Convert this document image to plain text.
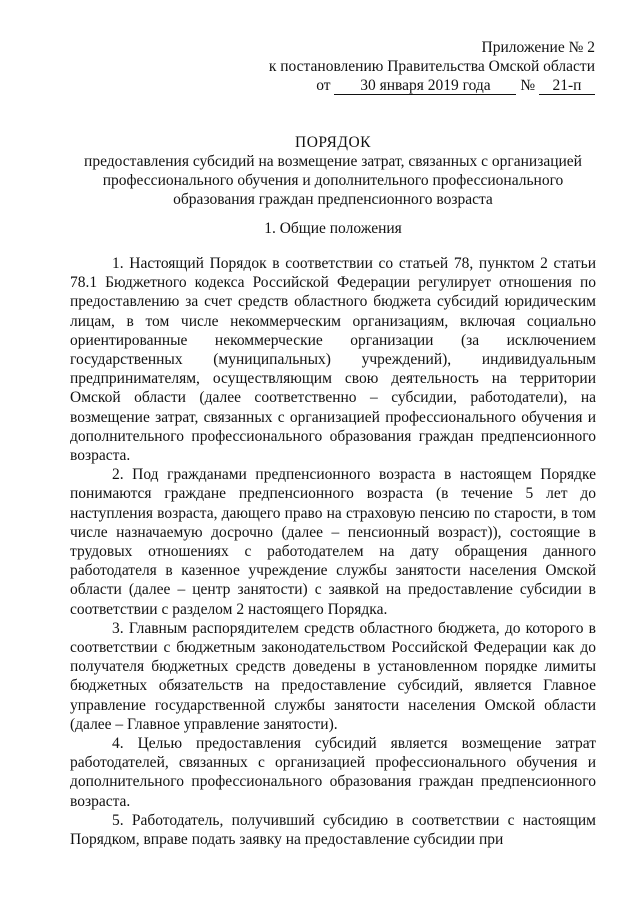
Приложение № 2
к постановлению Правительства Омской области
от 30 января 2019 года № 21-п
ПОРЯДОК
предоставления субсидий на возмещение затрат, связанных с организацией профессионального обучения и дополнительного профессионального образования граждан предпенсионного возраста
1. Общие положения

1. Настоящий Порядок в соответствии со статьей 78, пунктом 2 статьи 78.1 Бюджетного кодекса Российской Федерации регулирует отношения по предоставлению за счет средств областного бюджета субсидий юридическим лицам, в том числе некоммерческим организациям, включая социально ориентированные некоммерческие организации (за исключением государственных (муниципальных) учреждений), индивидуальным предпринимателям, осуществляющим свою деятельность на территории Омской области (далее соответственно – субсидии, работодатели), на возмещение затрат, связанных с организацией профессионального обучения и дополнительного профессионального образования граждан предпенсионного возраста.

2. Под гражданами предпенсионного возраста в настоящем Порядке понимаются граждане предпенсионного возраста (в течение 5 лет до наступления возраста, дающего право на страховую пенсию по старости, в том числе назначаемую досрочно (далее – пенсионный возраст)), состоящие в трудовых отношениях с работодателем на дату обращения данного работодателя в казенное учреждение службы занятости населения Омской области (далее – центр занятости) с заявкой на предоставление субсидии в соответствии с разделом 2 настоящего Порядка.

3. Главным распорядителем средств областного бюджета, до которого в соответствии с бюджетным законодательством Российской Федерации как до получателя бюджетных средств доведены в установленном порядке лимиты бюджетных обязательств на предоставление субсидий, является Главное управление государственной службы занятости населения Омской области (далее – Главное управление занятости).

4. Целью предоставления субсидий является возмещение затрат работодателей, связанных с организацией профессионального обучения и дополнительного профессионального образования граждан предпенсионного возраста.

5. Работодатель, получивший субсидию в соответствии с настоящим Порядком, вправе подать заявку на предоставление субсидии при
